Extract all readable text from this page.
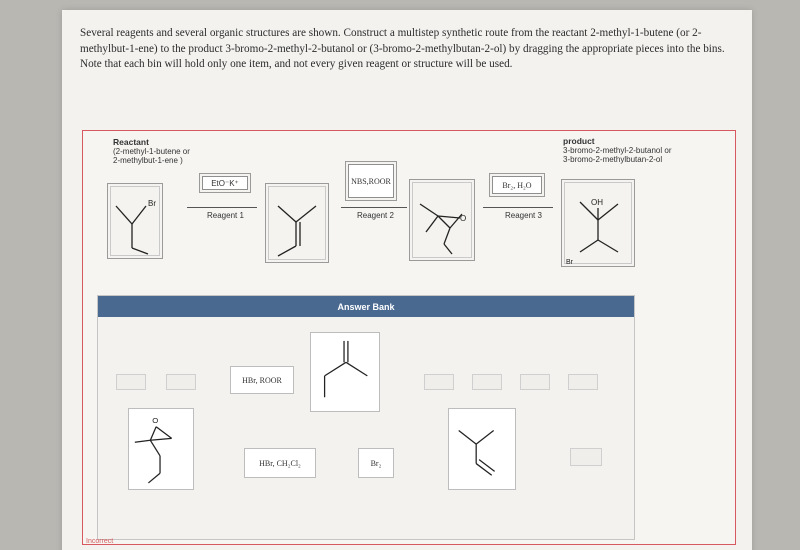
Several reagents and several organic structures are shown. Construct a multistep synthetic route from the reactant 2-methyl-1-butene (or 2-methylbut-1-ene) to the product 3-bromo-2-methyl-2-butanol or (3-bromo-2-methylbutan-2-ol) by dragging the appropriate pieces into the bins. Note that each bin will hold only one item, and not every given reagent or structure will be used.

Reactant
(2-methyl-1-butene or
2-methylbut-1-ene )
product
3-bromo-2-methyl-2-butanol or
3-bromo-2-methylbutan-2-ol
Br
EtO⁻K⁺
Reagent 1
NBS, ROOR
Reagent 2	O
Br₂, H₂O
Reagent 3
OH
Br
Answer Bank
HBr, ROOR
O
HBr, CH₂Cl₂	Br₂
Incorrect
